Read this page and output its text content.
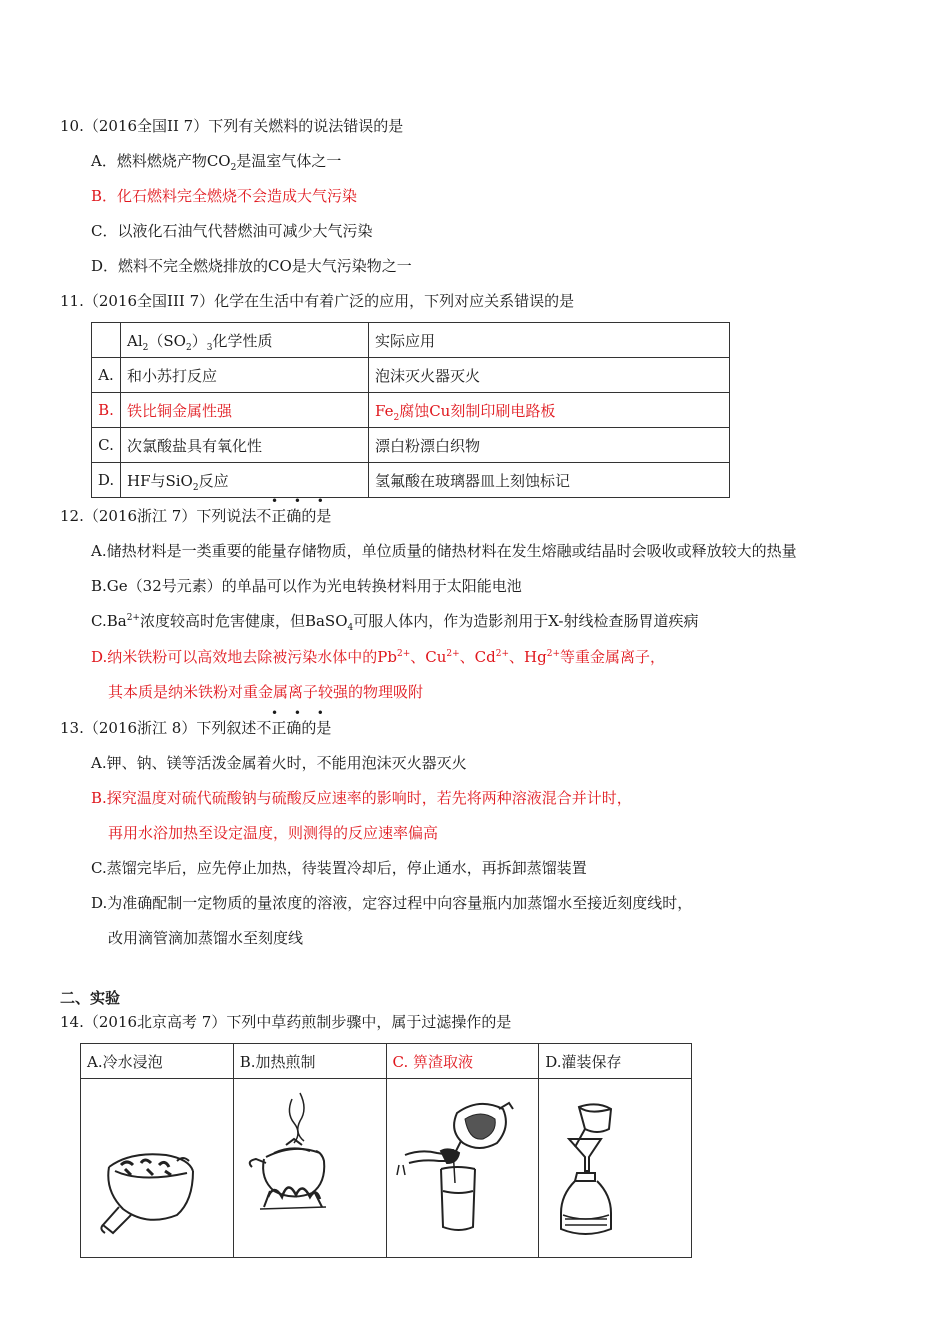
10.（2016全国II 7）下列有关燃料的说法错误的是
A．燃料燃烧产物$CO_2$是温室气体之一
B．化石燃料完全燃烧不会造成大气污染
C．以液化石油气代替燃油可减少大气污染
D．燃料不完全燃烧排放的CO是大气污染物之一
11.（2016全国III 7）化学在生活中有着广泛的应用，下列对应关系错误的是
	$Al_2(SO_2)_3$化学性质	实际应用
A.	和小苏打反应	泡沫灭火器灭火
B.	铁比铜金属性强	$Fe_2$腐蚀Cu刻制印刷电路板
C.	次氯酸盐具有氧化性	漂白粉漂白织物
D.	HF与SiO$_2$反应	氢氟酸在玻璃器皿上刻蚀标记
• • •
12.（2016浙江 7）下列说法不正确的是
A.储热材料是一类重要的能量存储物质，单位质量的储热材料在发生熔融或结晶时会吸收或释放较大的热量
B.Ge（32号元素）的单晶可以作为光电转换材料用于太阳能电池
$C.Ba^{2+}$浓度较高时危害健康，但BaSO$_4$可服人体内，作为造影剂用于X-射线检查肠胃道疾病
D.纳米铁粉可以高效地去除被污染水体中的$Pb^{2+}$、$Cu^{2+}$、$Cd^{2+}$、$Hg^{2+}$等重金属离子，
其本质是纳米铁粉对重金属离子较强的物理吸附
• • •
13.（2016浙江 8）下列叙述不正确的是
A.钾、钠、镁等活泼金属着火时，不能用泡沫灭火器灭火
B.探究温度对硫代硫酸钠与硫酸反应速率的影响时，若先将两种溶液混合并计时，
再用水浴加热至设定温度，则测得的反应速率偏高
C.蒸馏完毕后，应先停止加热，待装置冷却后，停止通水，再拆卸蒸馏装置
D.为准确配制一定物质的量浓度的溶液，定容过程中向容量瓶内加蒸馏水至接近刻度线时，
改用滴管滴加蒸馏水至刻度线
二、实验
14.（2016北京高考 7）下列中草药煎制步骤中，属于过滤操作的是
A.冷水浸泡	B.加热煎制	C. 箅渣取液	D.灌装保存
